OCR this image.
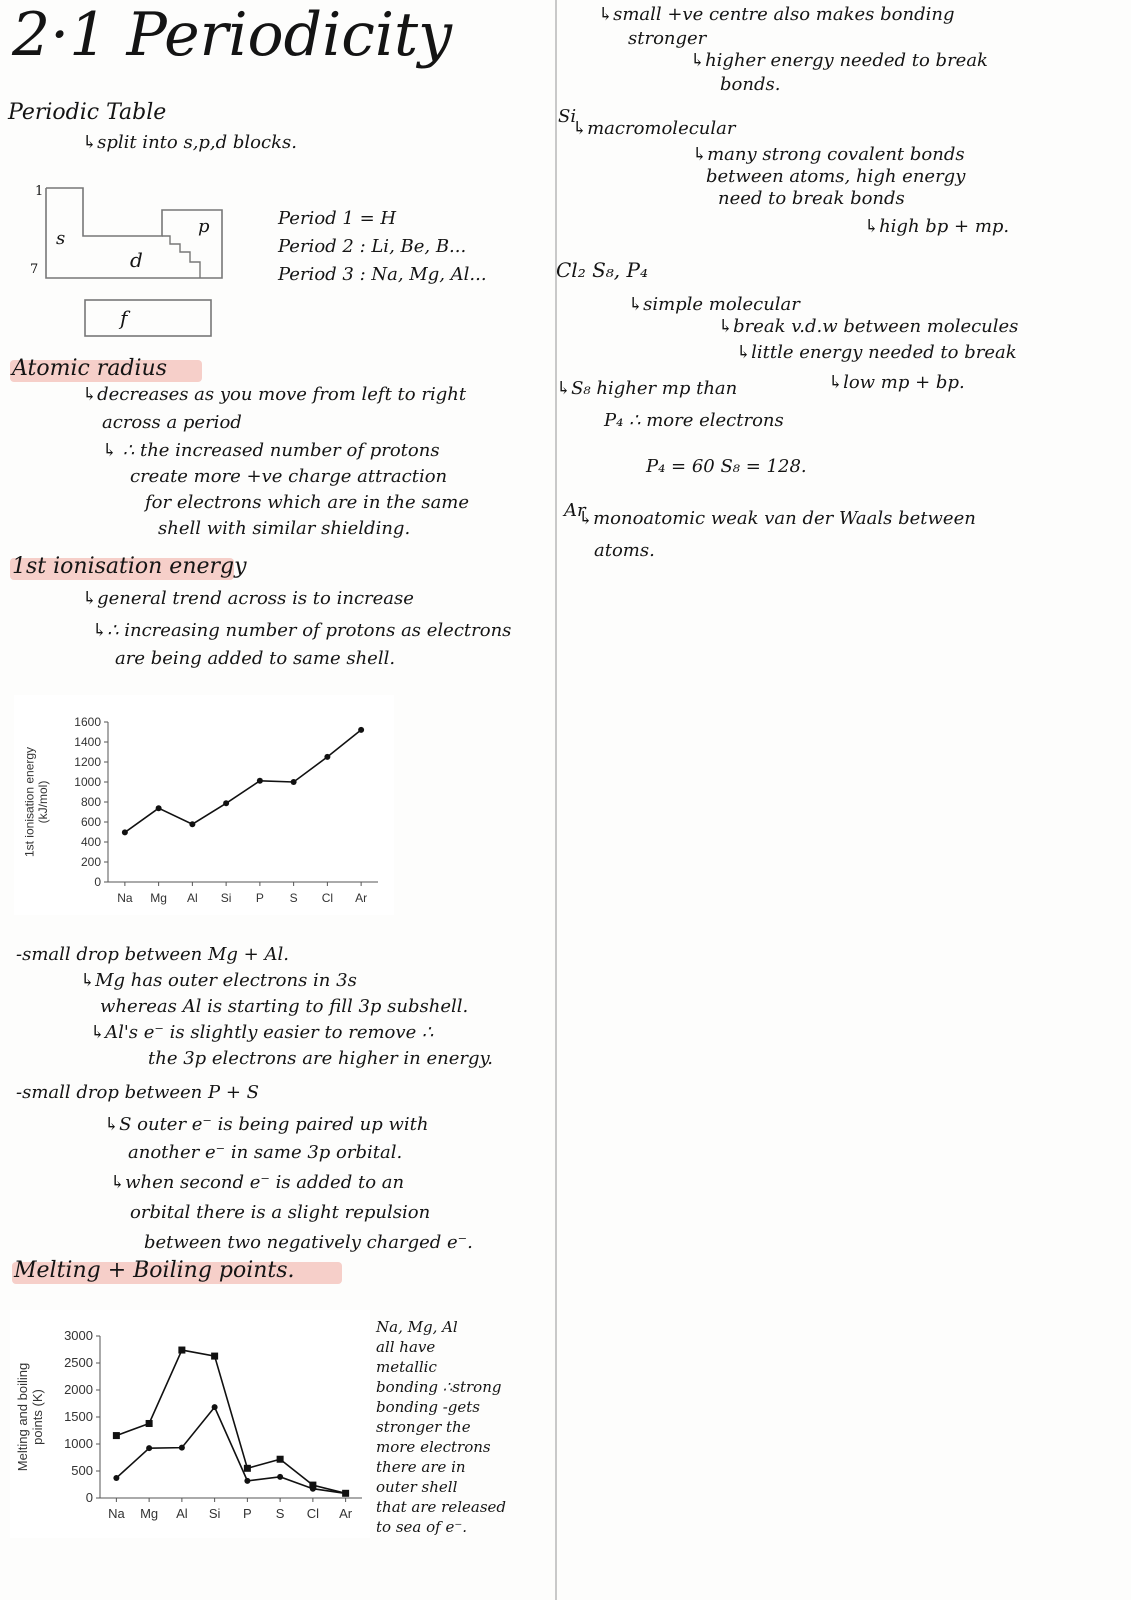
2·1 Periodicity
Periodic Table
↳split into s,p,d blocks.
1
7
s
d
p
f
Period 1 = H
Period 2 : Li, Be, B...
Period 3 : Na, Mg, Al...
Atomic radius
↳decreases as you move from left to right
across a period
↳ ∴ the increased number of protons
create more +ve charge attraction
for electrons which are in the same
shell with similar shielding.
1st ionisation energy
↳general trend across is to increase
↳∴ increasing number of protons as electrons
are being added to same shell.
0
200
400
600
800
1000
1200
1400
1600
Na Mg Al Si P S Cl Ar
1st ionisation energy(kJ/mol)
-small drop between Mg + Al.
↳Mg has outer electrons in 3s
whereas Al is starting to fill 3p subshell.
↳Al's e⁻ is slightly easier to remove ∴
the 3p electrons are higher in energy.
-small drop between P + S
↳S outer e⁻ is being paired up with
another e⁻ in same 3p orbital.
↳when second e⁻ is added to an
orbital there is a slight repulsion
between two negatively charged e⁻.
Melting + Boiling points.
0
500
1000
1500
2000
2500
3000
Na Mg Al Si P S Cl Ar
Melting and boilingpoints (K)
Na, Mg, Al
all have
metallic
bonding ∴strong
bonding -gets
stronger the
more electrons
there are in
outer shell
that are released
to sea of e⁻.
↳small +ve centre also makes bonding
stronger
↳higher energy needed to break
bonds.
Si
↳macromolecular
↳many strong covalent bonds
between atoms, high energy
need to break bonds
↳high bp + mp.
Cl₂ S₈, P₄
↳simple molecular
↳break v.d.w between molecules
↳little energy needed to break
↳low mp + bp.
↳S₈ higher mp than
P₄ ∴ more electrons
P₄ = 60 S₈ = 128.
Ar
↳monoatomic weak van der Waals between
atoms.
